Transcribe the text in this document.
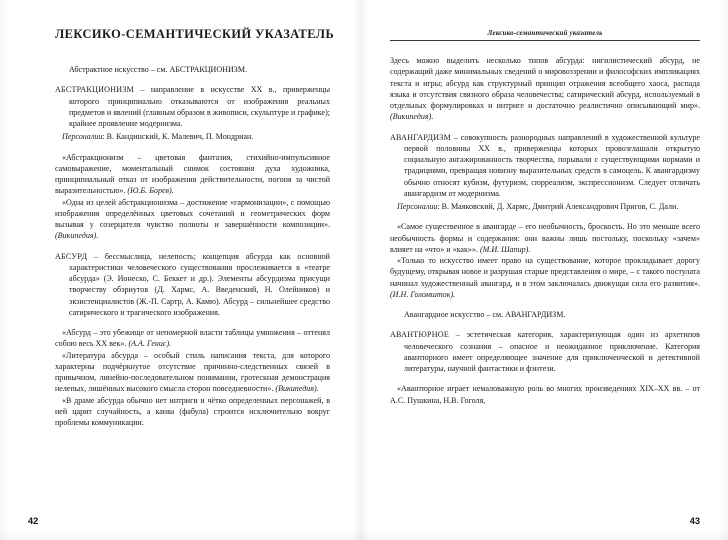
ЛЕКСИКО-СЕМАНТИЧЕСКИЙ УКАЗАТЕЛЬ

Абстрактное искусство – см. АБСТРАКЦИОНИЗМ.

АБСТРАКЦИОНИЗМ – направление в искусстве XX в., приверженцы которого принципиально отказываются от изображения реальных предметов и явлений (главным образом в живописи, скульптуре и графике); крайнее проявление модернизма.

Персоналии: В. Кандинский, К. Малевич, П. Мондриан.

«Абстракционизм – цветовая фантазия, стихийно-импульсивное самовыражение, моментальный снимок состояния духа художника, принципиальный отказ от изображения действительности, погоня за чистой выразительностью». (Ю.Б. Борев).

«Одна из целей абстракционизма – достижение «гармонизации», с помощью изображения определённых цветовых сочетаний и геометрических форм вызывая у созерцателя чувство полноты и завершённости композиции». (Википедия).

АБСУРД – бессмыслица, нелепость; концепция абсурда как основной характеристики человеческого существования прослеживается в «театре абсурда» (Э. Ионеско, С. Беккет и др.). Элементы абсурдизма присущи творчеству обэриутов (Д. Хармс, А. Введенский, Н. Олейников) и экзистенциалистов (Ж.-П. Сартр, А. Камю). Абсурд – сильнейшее средство сатирического и трагического изображения.

«Абсурд – это убежище от непомерной власти таблицы умножения – оттенял собою весь XX век». (А.А. Генис).

«Литература абсурда – особый стиль написания текста, для которого характерны подчёркнутое отсутствие причинно-следственных связей в привычном, линейно-последовательном понимании, гротескная демонстрация нелепых, лишённых высокого смысла сторон повседневности». (Википедия).

«В драме абсурда обычно нет интриги и чётко определенных персонажей, в ней царит случайность, а канва (фабула) строится исключительно вокруг проблемы коммуникации.

42
Лексико-семантический указатель

Здесь можно выделить несколько типов абсурда: нигилистический абсурд, не содержащий даже минимальных сведений о мировоззрении и философских импликациях текста и игры; абсурд как структурный принцип отражения всеобщего хаоса, распада языка и отсутствия связного образа человечества; сатирический абсурд, используемый в отдельных формулировках и интриге и достаточно реалистично описывающий мир». (Википедия).

АВАНГАРДИЗМ – совокупность разнородных направлений в художественной культуре первой половины XX в., приверженцы которых провозглашали открытую социальную ангажированность творчества, порывали с существующими нормами и традициями, превращая новизну выразительных средств в самоцель. К авангардизму обычно относят кубизм, футуризм, сюрреализм, экспрессионизм. Следует отличать авангардизм от модернизма.

Персоналии: В. Маяковский, Д. Хармс, Дмитрий Александрович Пригов, С. Дали.

«Самое существенное в авангарде – его необычность, броскость. Но это меньше всего необычность формы и содержания: они важны лишь постольку, поскольку «зачем» влияет на «что» и «как»». (М.И. Шапир).

«Только то искусство имеет право на существование, которое прокладывает дорогу будущему, открывая новое и разрушая старые представления о мире, – с такого постулата начинал художественный авангард, и в этом заключалась движущая сила его развития». (И.Н. Голомшток).

Авангардное искусство – см. АВАНГАРДИЗМ.

АВАНТЮРНОЕ – эстетическая категория, характеризующая один из архетипов человеческого сознания – опасное и неожиданное приключение. Категория авантюрного имеет определяющее значение для приключенческой и детективной литературы, научной фантастики и фэнтези.

«Авантюрное играет немаловажную роль во многих произведениях XIX–XX вв. – от А.С. Пушкина, Н.В. Гоголя,

43
